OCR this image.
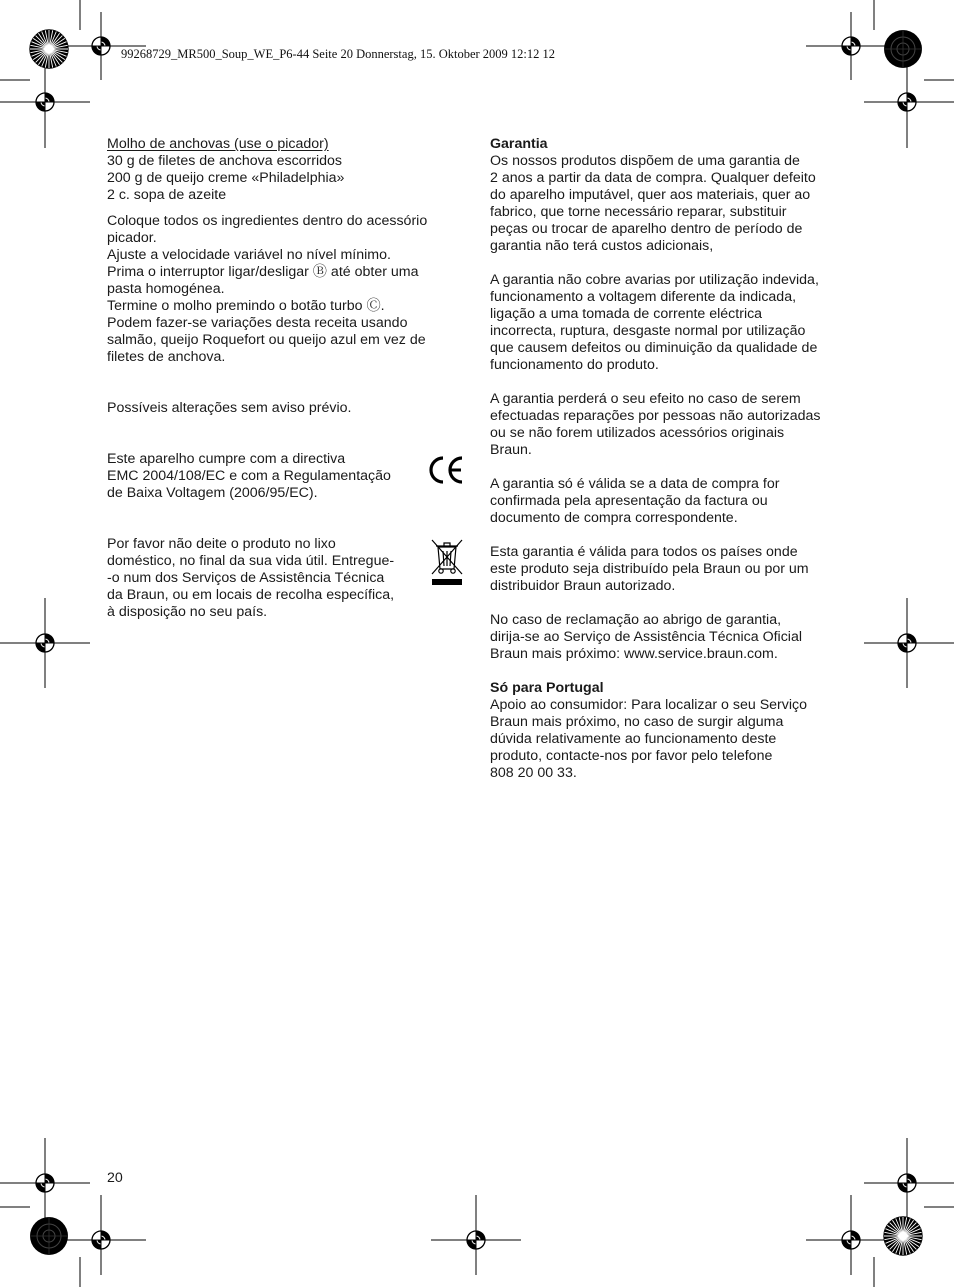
99268729_MR500_Soup_WE_P6-44 Seite 20 Donnerstag, 15. Oktober 2009 12:12 12
Molho de anchovas (use o picador)
30 g de filetes de anchova escorridos
200 g de queijo creme «Philadelphia»
2 c. sopa de azeite
Coloque todos os ingredientes dentro do acessório
picador.
Ajuste a velocidade variável no nível mínimo.
Prima o interruptor ligar/desligar Ⓑ até obter uma
pasta homogénea.
Termine o molho premindo o botão turbo Ⓒ.
Podem fazer-se variações desta receita usando
salmão, queijo Roquefort ou queijo azul em vez de
filetes de anchova.
Possíveis alterações sem aviso prévio.
Este aparelho cumpre com a directiva
EMC 2004/108/EC e com a Regulamentação
de Baixa Voltagem (2006/95/EC).
Por favor não deite o produto no lixo
doméstico, no final da sua vida útil. Entregue-
-o num dos Serviços de Assistência Técnica
da Braun, ou em locais de recolha específica,
à disposição no seu país.
Garantia
Os nossos produtos dispõem de uma garantia de
2 anos a partir da data de compra. Qualquer defeito
do aparelho imputável, quer aos materiais, quer ao
fabrico, que torne necessário reparar, substituir
peças ou trocar de aparelho dentro de período de
garantia não terá custos adicionais,
A garantia não cobre avarias por utilização indevida,
funcionamento a voltagem diferente da indicada,
ligação a uma tomada de corrente eléctrica
incorrecta, ruptura, desgaste normal por utilização
que causem defeitos ou diminuição da qualidade de
funcionamento do produto.
A garantia perderá o seu efeito no caso de serem
efectuadas reparações por pessoas não autorizadas
ou se não forem utilizados acessórios originais
Braun.
A garantia só é válida se a data de compra for
confirmada pela apresentação da factura ou
documento de compra correspondente.
Esta garantia é válida para todos os países onde
este produto seja distribuído pela Braun ou por um
distribuidor Braun autorizado.
No caso de reclamação ao abrigo de garantia,
dirija-se ao Serviço de Assistência Técnica Oficial
Braun mais próximo: www.service.braun.com.
Só para Portugal
Apoio ao consumidor: Para localizar o seu Serviço
Braun mais próximo, no caso de surgir alguma
dúvida relativamente ao funcionamento deste
produto, contacte-nos por favor pelo telefone
808 20 00 33.
20
